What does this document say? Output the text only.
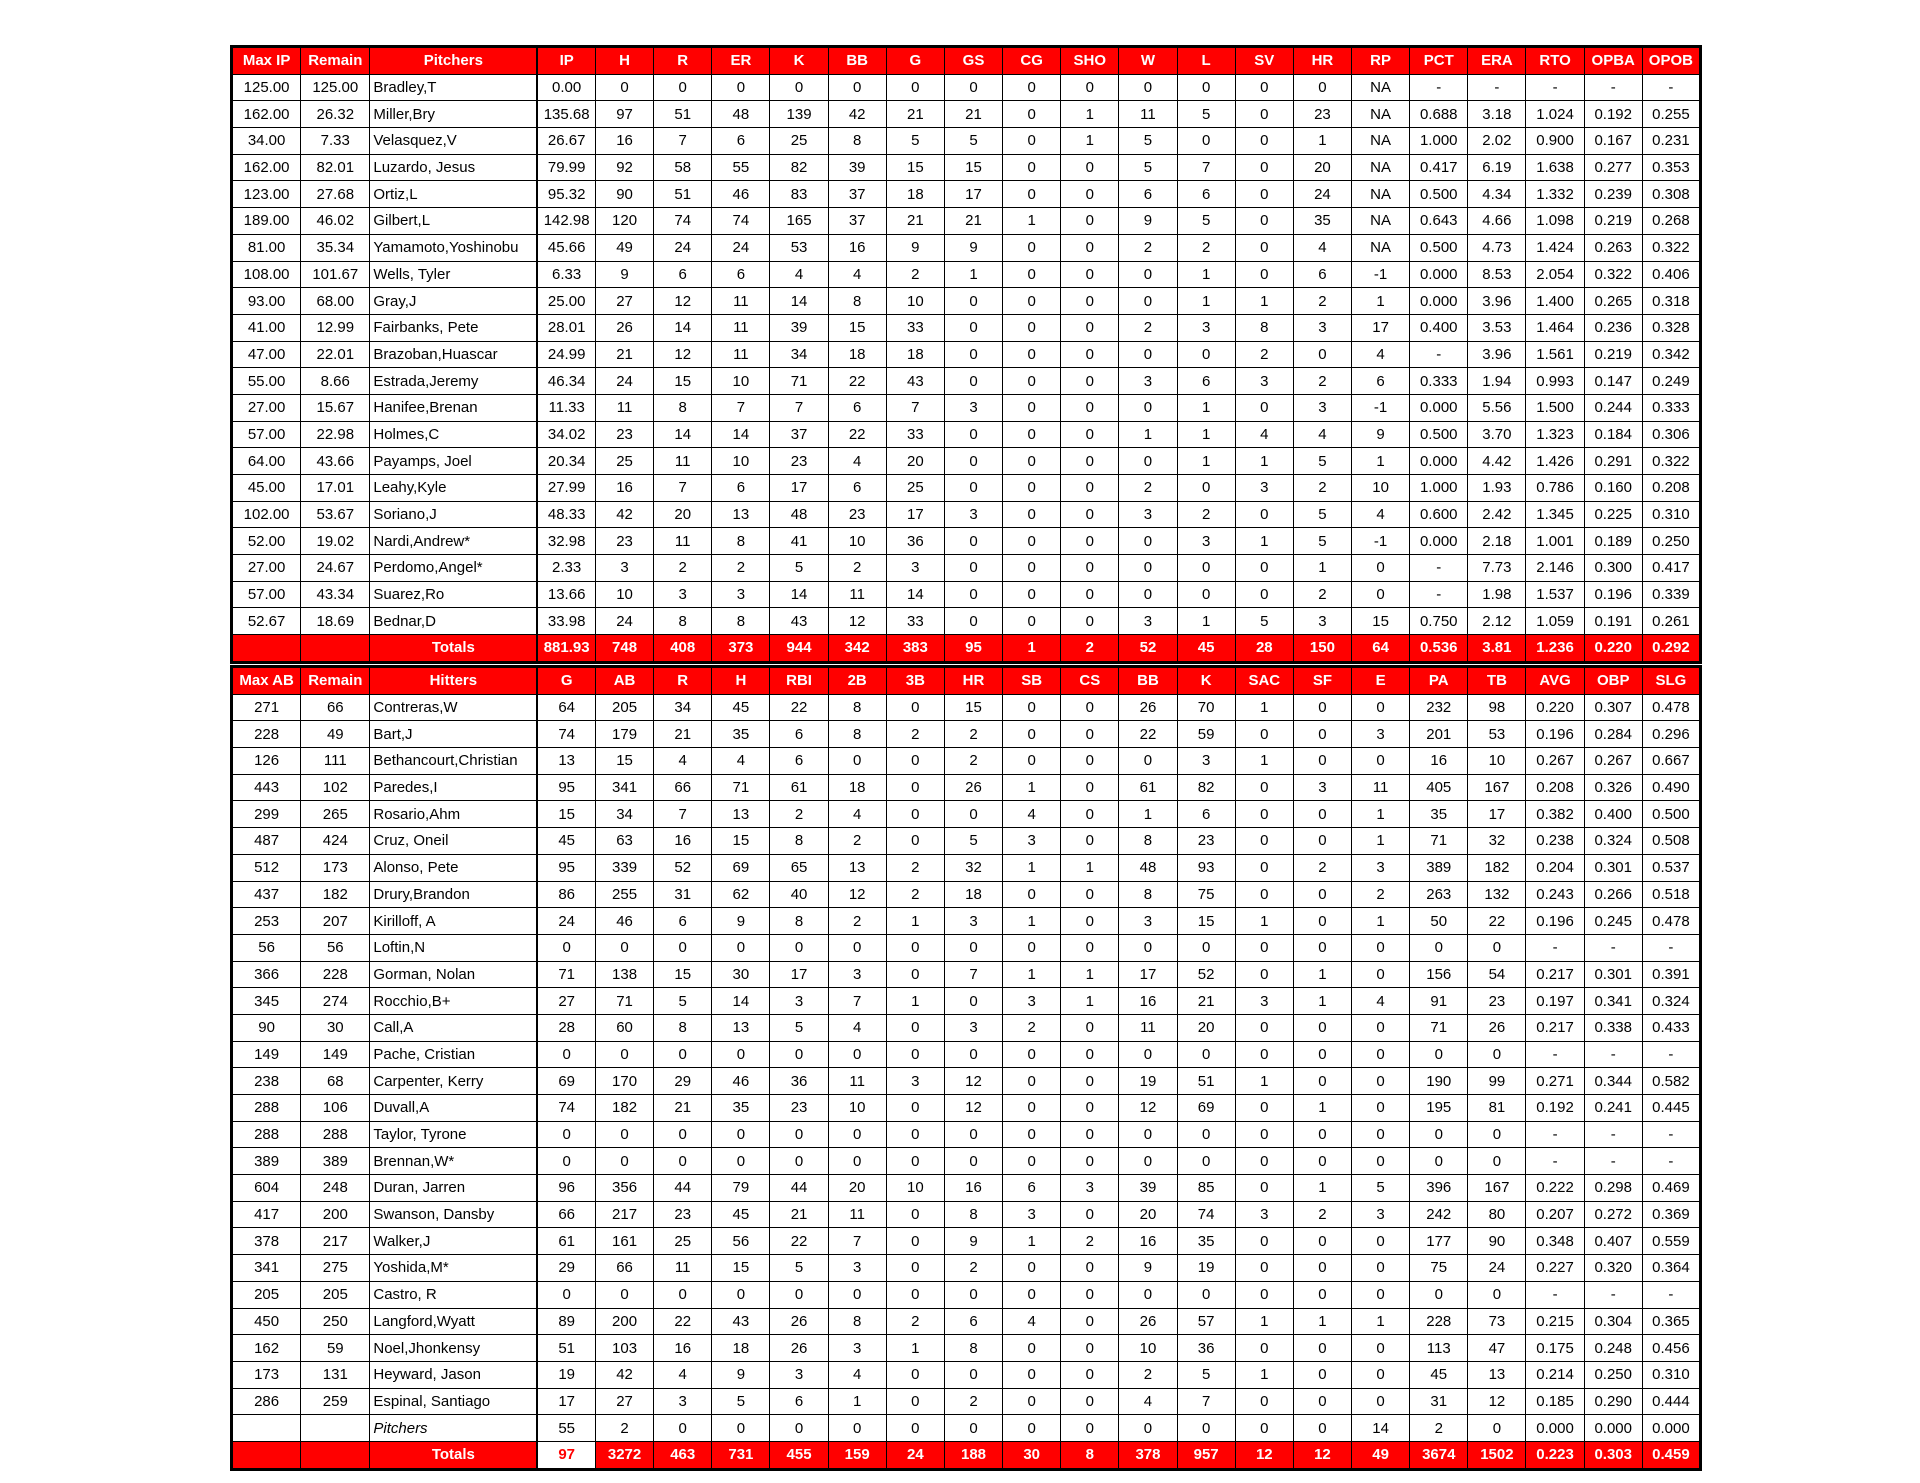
Max IP	Remain	Pitchers	IP	H	R	ER	K	BB	G	GS	CG	SHO	W	L	SV	HR	RP	PCT	ERA	RTO	OPBA	OPOB
125.00	125.00	Bradley,T	0.00	0	0	0	0	0	0	0	0	0	0	0	0	0	NA	-	-	-	-	-
162.00	26.32	Miller,Bry	135.68	97	51	48	139	42	21	21	0	1	11	5	0	23	NA	0.688	3.18	1.024	0.192	0.255
34.00	7.33	Velasquez,V	26.67	16	7	6	25	8	5	5	0	1	5	0	0	1	NA	1.000	2.02	0.900	0.167	0.231
162.00	82.01	Luzardo, Jesus	79.99	92	58	55	82	39	15	15	0	0	5	7	0	20	NA	0.417	6.19	1.638	0.277	0.353
123.00	27.68	Ortiz,L	95.32	90	51	46	83	37	18	17	0	0	6	6	0	24	NA	0.500	4.34	1.332	0.239	0.308
189.00	46.02	Gilbert,L	142.98	120	74	74	165	37	21	21	1	0	9	5	0	35	NA	0.643	4.66	1.098	0.219	0.268
81.00	35.34	Yamamoto,Yoshinobu	45.66	49	24	24	53	16	9	9	0	0	2	2	0	4	NA	0.500	4.73	1.424	0.263	0.322
108.00	101.67	Wells, Tyler	6.33	9	6	6	4	4	2	1	0	0	0	1	0	6	-1	0.000	8.53	2.054	0.322	0.406
93.00	68.00	Gray,J	25.00	27	12	11	14	8	10	0	0	0	0	1	1	2	1	0.000	3.96	1.400	0.265	0.318
41.00	12.99	Fairbanks, Pete	28.01	26	14	11	39	15	33	0	0	0	2	3	8	3	17	0.400	3.53	1.464	0.236	0.328
47.00	22.01	Brazoban,Huascar	24.99	21	12	11	34	18	18	0	0	0	0	0	2	0	4	-	3.96	1.561	0.219	0.342
55.00	8.66	Estrada,Jeremy	46.34	24	15	10	71	22	43	0	0	0	3	6	3	2	6	0.333	1.94	0.993	0.147	0.249
27.00	15.67	Hanifee,Brenan	11.33	11	8	7	7	6	7	3	0	0	0	1	0	3	-1	0.000	5.56	1.500	0.244	0.333
57.00	22.98	Holmes,C	34.02	23	14	14	37	22	33	0	0	0	1	1	4	4	9	0.500	3.70	1.323	0.184	0.306
64.00	43.66	Payamps, Joel	20.34	25	11	10	23	4	20	0	0	0	0	1	1	5	1	0.000	4.42	1.426	0.291	0.322
45.00	17.01	Leahy,Kyle	27.99	16	7	6	17	6	25	0	0	0	2	0	3	2	10	1.000	1.93	0.786	0.160	0.208
102.00	53.67	Soriano,J	48.33	42	20	13	48	23	17	3	0	0	3	2	0	5	4	0.600	2.42	1.345	0.225	0.310
52.00	19.02	Nardi,Andrew*	32.98	23	11	8	41	10	36	0	0	0	0	3	1	5	-1	0.000	2.18	1.001	0.189	0.250
27.00	24.67	Perdomo,Angel*	2.33	3	2	2	5	2	3	0	0	0	0	0	0	1	0	-	7.73	2.146	0.300	0.417
57.00	43.34	Suarez,Ro	13.66	10	3	3	14	11	14	0	0	0	0	0	0	2	0	-	1.98	1.537	0.196	0.339
52.67	18.69	Bednar,D	33.98	24	8	8	43	12	33	0	0	0	3	1	5	3	15	0.750	2.12	1.059	0.191	0.261
		Totals	881.93	748	408	373	944	342	383	95	1	2	52	45	28	150	64	0.536	3.81	1.236	0.220	0.292
Max AB	Remain	Hitters	G	AB	R	H	RBI	2B	3B	HR	SB	CS	BB	K	SAC	SF	E	PA	TB	AVG	OBP	SLG
271	66	Contreras,W	64	205	34	45	22	8	0	15	0	0	26	70	1	0	0	232	98	0.220	0.307	0.478
228	49	Bart,J	74	179	21	35	6	8	2	2	0	0	22	59	0	0	3	201	53	0.196	0.284	0.296
126	111	Bethancourt,Christian	13	15	4	4	6	0	0	2	0	0	0	3	1	0	0	16	10	0.267	0.267	0.667
443	102	Paredes,I	95	341	66	71	61	18	0	26	1	0	61	82	0	3	11	405	167	0.208	0.326	0.490
299	265	Rosario,Ahm	15	34	7	13	2	4	0	0	4	0	1	6	0	0	1	35	17	0.382	0.400	0.500
487	424	Cruz, Oneil	45	63	16	15	8	2	0	5	3	0	8	23	0	0	1	71	32	0.238	0.324	0.508
512	173	Alonso, Pete	95	339	52	69	65	13	2	32	1	1	48	93	0	2	3	389	182	0.204	0.301	0.537
437	182	Drury,Brandon	86	255	31	62	40	12	2	18	0	0	8	75	0	0	2	263	132	0.243	0.266	0.518
253	207	Kirilloff, A	24	46	6	9	8	2	1	3	1	0	3	15	1	0	1	50	22	0.196	0.245	0.478
56	56	Loftin,N	0	0	0	0	0	0	0	0	0	0	0	0	0	0	0	0	0	-	-	-
366	228	Gorman, Nolan	71	138	15	30	17	3	0	7	1	1	17	52	0	1	0	156	54	0.217	0.301	0.391
345	274	Rocchio,B+	27	71	5	14	3	7	1	0	3	1	16	21	3	1	4	91	23	0.197	0.341	0.324
90	30	Call,A	28	60	8	13	5	4	0	3	2	0	11	20	0	0	0	71	26	0.217	0.338	0.433
149	149	Pache, Cristian	0	0	0	0	0	0	0	0	0	0	0	0	0	0	0	0	0	-	-	-
238	68	Carpenter, Kerry	69	170	29	46	36	11	3	12	0	0	19	51	1	0	0	190	99	0.271	0.344	0.582
288	106	Duvall,A	74	182	21	35	23	10	0	12	0	0	12	69	0	1	0	195	81	0.192	0.241	0.445
288	288	Taylor, Tyrone	0	0	0	0	0	0	0	0	0	0	0	0	0	0	0	0	0	-	-	-
389	389	Brennan,W*	0	0	0	0	0	0	0	0	0	0	0	0	0	0	0	0	0	-	-	-
604	248	Duran, Jarren	96	356	44	79	44	20	10	16	6	3	39	85	0	1	5	396	167	0.222	0.298	0.469
417	200	Swanson, Dansby	66	217	23	45	21	11	0	8	3	0	20	74	3	2	3	242	80	0.207	0.272	0.369
378	217	Walker,J	61	161	25	56	22	7	0	9	1	2	16	35	0	0	0	177	90	0.348	0.407	0.559
341	275	Yoshida,M*	29	66	11	15	5	3	0	2	0	0	9	19	0	0	0	75	24	0.227	0.320	0.364
205	205	Castro, R	0	0	0	0	0	0	0	0	0	0	0	0	0	0	0	0	0	-	-	-
450	250	Langford,Wyatt	89	200	22	43	26	8	2	6	4	0	26	57	1	1	1	228	73	0.215	0.304	0.365
162	59	Noel,Jhonkensy	51	103	16	18	26	3	1	8	0	0	10	36	0	0	0	113	47	0.175	0.248	0.456
173	131	Heyward, Jason	19	42	4	9	3	4	0	0	0	0	2	5	1	0	0	45	13	0.214	0.250	0.310
286	259	Espinal, Santiago	17	27	3	5	6	1	0	2	0	0	4	7	0	0	0	31	12	0.185	0.290	0.444
		Pitchers	55	2	0	0	0	0	0	0	0	0	0	0	0	0	14	2	0	0.000	0.000	0.000
		Totals	97	3272	463	731	455	159	24	188	30	8	378	957	12	12	49	3674	1502	0.223	0.303	0.459
